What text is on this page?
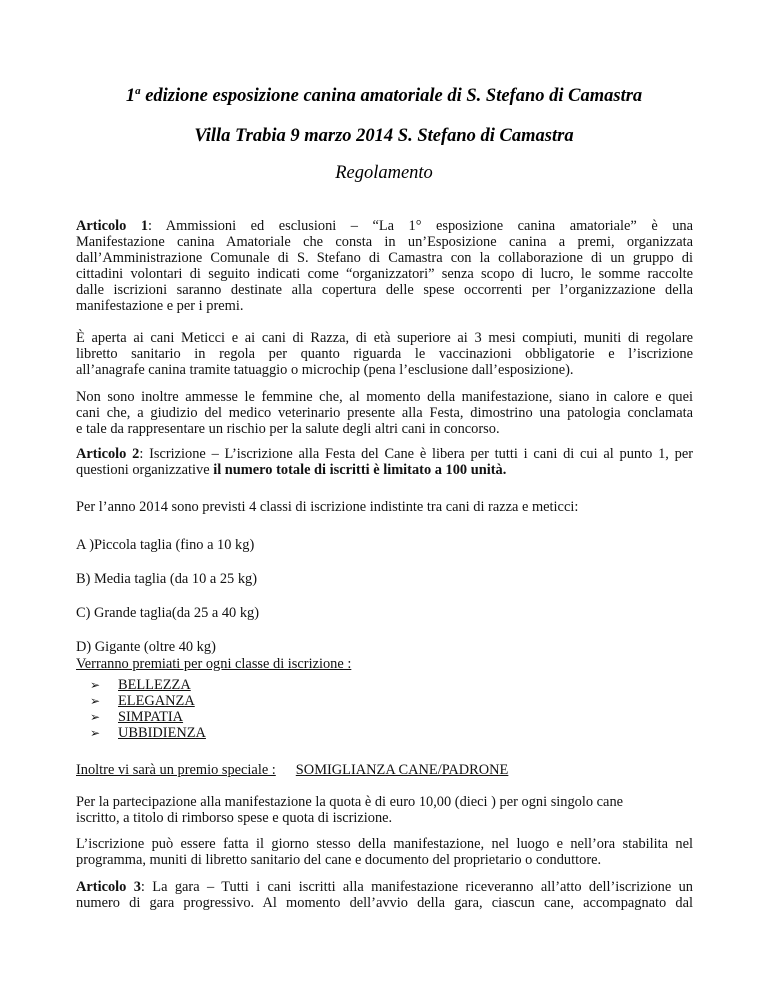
1$^a$ edizione esposizione canina amatoriale di S. Stefano di Camastra
Villa Trabia 9 marzo 2014 S. Stefano di Camastra
Regolamento
Articolo 1: Ammissioni ed esclusioni – “La 1° esposizione canina amatoriale” è una
Manifestazione canina Amatoriale che consta in un’Esposizione canina a premi, organizzata
dall’Amministrazione Comunale di S. Stefano di Camastra con la collaborazione di un gruppo di
cittadini volontari di seguito indicati come “organizzatori” senza scopo di lucro, le somme raccolte
dalle iscrizioni saranno destinate alla copertura delle spese occorrenti per l’organizzazione della
manifestazione e per i premi.
È aperta ai cani Meticci e ai cani di Razza, di età superiore ai 3 mesi compiuti, muniti di regolare
libretto sanitario in regola per quanto riguarda le vaccinazioni obbligatorie e l’iscrizione
all’anagrafe canina tramite tatuaggio o microchip (pena l’esclusione dall’esposizione).
Non sono inoltre ammesse le femmine che, al momento della manifestazione, siano in calore e quei
cani che, a giudizio del medico veterinario presente alla Festa, dimostrino una patologia conclamata
e tale da rappresentare un rischio per la salute degli altri cani in concorso.
Articolo 2: Iscrizione – L’iscrizione alla Festa del Cane è libera per tutti i cani di cui al punto 1, per
questioni organizzative il numero totale di iscritti è limitato a 100 unità.
Per l’anno 2014 sono previsti 4 classi di iscrizione indistinte tra cani di razza e meticci:
A )Piccola taglia (fino a 10 kg)
B) Media taglia (da 10 a 25 kg)
C) Grande taglia(da 25 a 40 kg)
D) Gigante (oltre 40 kg)
Verranno premiati per ogni classe di iscrizione :
➢	BELLEZZA
➢	ELEGANZA
➢	SIMPATIA
➢	UBBIDIENZA
Inoltre vi sarà un premio speciale : SOMIGLIANZA CANE/PADRONE
Per la partecipazione alla manifestazione la quota è di euro 10,00 (dieci ) per ogni singolo cane
iscritto, a titolo di rimborso spese e quota di iscrizione.
L’iscrizione può essere fatta il giorno stesso della manifestazione, nel luogo e nell’ora stabilita nel
programma, muniti di libretto sanitario del cane e documento del proprietario o conduttore.
Articolo 3: La gara – Tutti i cani iscritti alla manifestazione riceveranno all’atto dell’iscrizione un
numero di gara progressivo. Al momento dell’avvio della gara, ciascun cane, accompagnato dal
